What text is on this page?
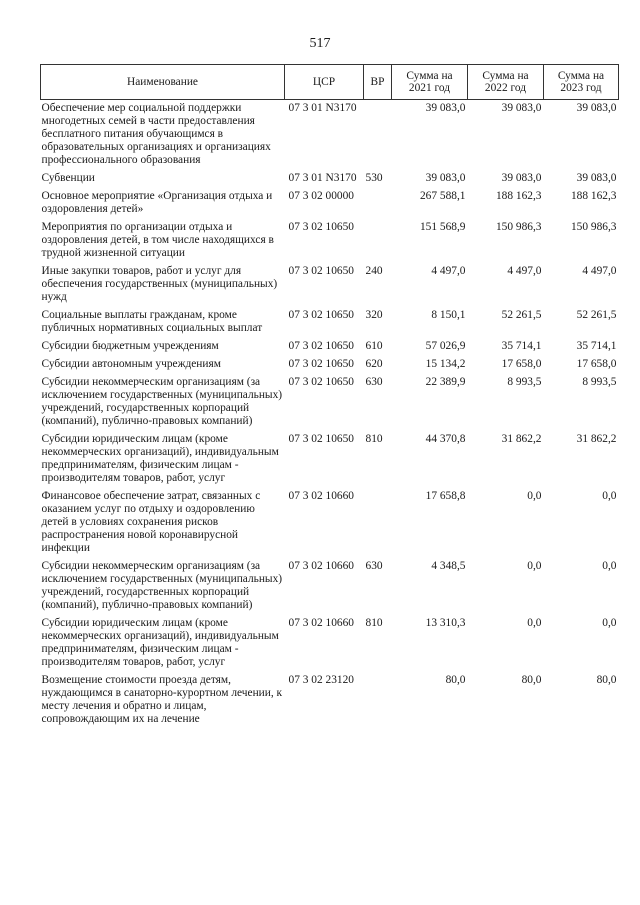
517
Наименование	ЦСР	ВР	Сумма на 2021 год	Сумма на 2022 год	Сумма на 2023 год
Обеспечение мер социальной поддержки многодетных семей в части предоставления бесплатного питания обучающимся в образовательных организациях и организациях профессионального образования	07 3 01 N3170		39 083,0	39 083,0	39 083,0
Субвенции	07 3 01 N3170	530	39 083,0	39 083,0	39 083,0
Основное мероприятие «Организация отдыха и оздоровления детей»	07 3 02 00000		267 588,1	188 162,3	188 162,3
Мероприятия по организации отдыха и оздоровления детей, в том числе находящихся в трудной жизненной ситуации	07 3 02 10650		151 568,9	150 986,3	150 986,3
Иные закупки товаров, работ и услуг для обеспечения государственных (муниципальных) нужд	07 3 02 10650	240	4 497,0	4 497,0	4 497,0
Социальные выплаты гражданам, кроме публичных нормативных социальных выплат	07 3 02 10650	320	8 150,1	52 261,5	52 261,5
Субсидии бюджетным учреждениям	07 3 02 10650	610	57 026,9	35 714,1	35 714,1
Субсидии автономным учреждениям	07 3 02 10650	620	15 134,2	17 658,0	17 658,0
Субсидии некоммерческим организациям (за исключением государственных (муниципальных) учреждений, государственных корпораций (компаний), публично-правовых компаний)	07 3 02 10650	630	22 389,9	8 993,5	8 993,5
Субсидии юридическим лицам (кроме некоммерческих организаций), индивидуальным предпринимателям, физическим лицам - производителям товаров, работ, услуг	07 3 02 10650	810	44 370,8	31 862,2	31 862,2
Финансовое обеспечение затрат, связанных с оказанием услуг по отдыху и оздоровлению детей в условиях сохранения рисков распространения новой коронавирусной инфекции	07 3 02 10660		17 658,8	0,0	0,0
Субсидии некоммерческим организациям (за исключением государственных (муниципальных) учреждений, государственных корпораций (компаний), публично-правовых компаний)	07 3 02 10660	630	4 348,5	0,0	0,0
Субсидии юридическим лицам (кроме некоммерческих организаций), индивидуальным предпринимателям, физическим лицам - производителям товаров, работ, услуг	07 3 02 10660	810	13 310,3	0,0	0,0
Возмещение стоимости проезда детям, нуждающимся в санаторно-курортном лечении, к месту лечения и обратно и лицам, сопровождающим их на лечение	07 3 02 23120		80,0	80,0	80,0
